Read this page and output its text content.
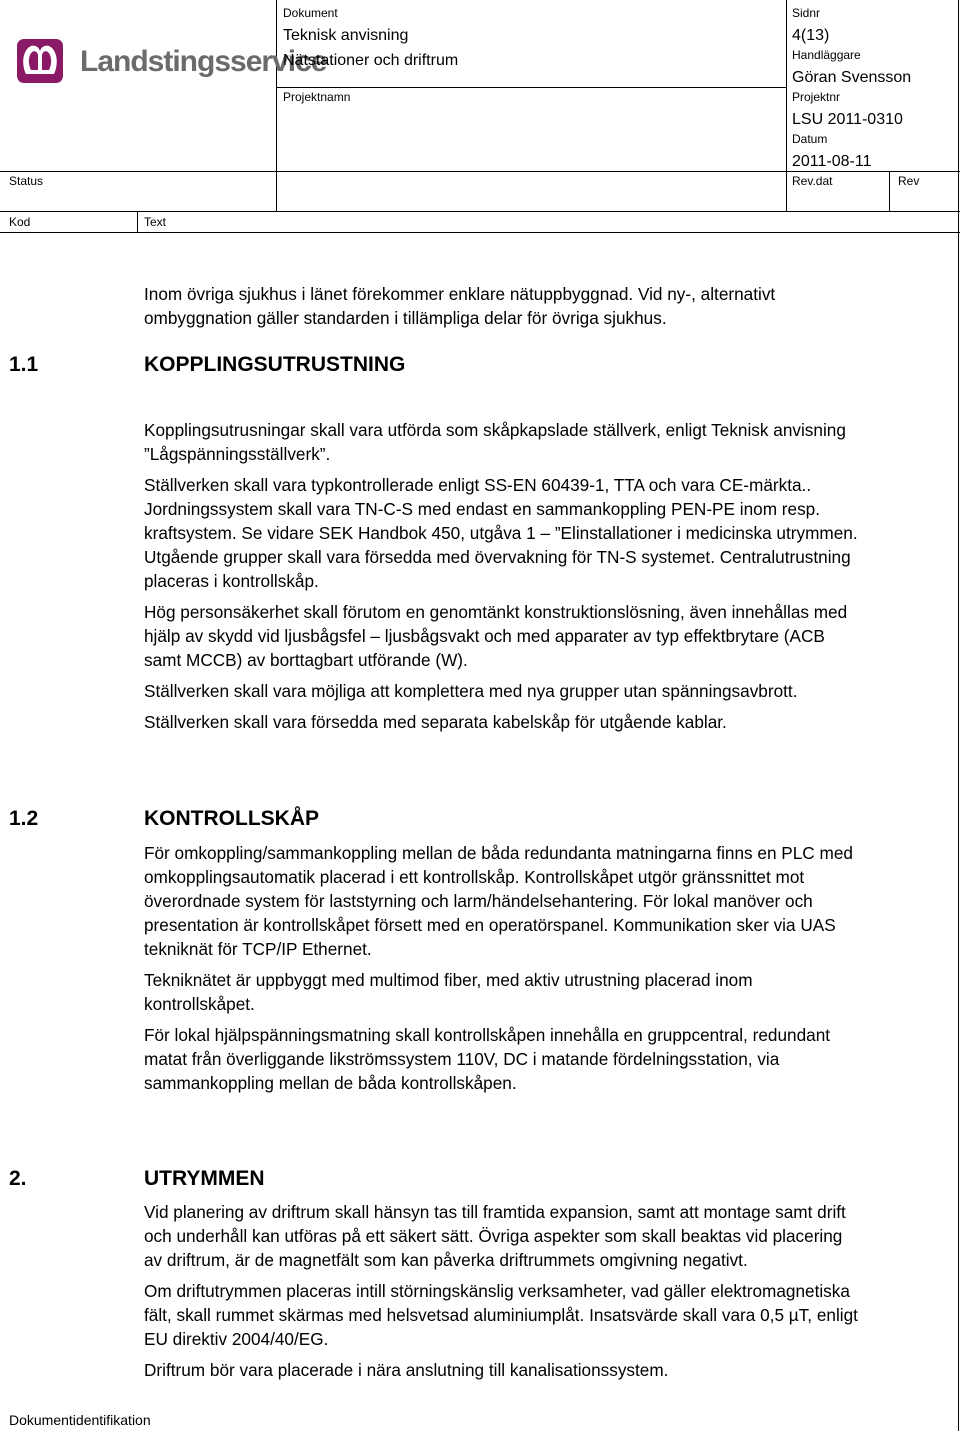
Landstingsservice
Dokument
Teknisk anvisning
Nätstationer och driftrum
Sidnr
4(13)
Handläggare
Göran Svensson
Projektnamn	Projektnr
LSU 2011-0310
Datum
2011-08-11
Status	Rev.dat	Rev
Kod	Text

Inom övriga sjukhus i länet förekommer enklare nätuppbyggnad. Vid ny-, alternativt ombyggnation gäller standarden i tillämpliga delar för övriga sjukhus.

1.1	KOPPLINGSUTRUSTNING

Kopplingsutrusningar skall vara utförda som skåpkapslade ställverk, enligt Teknisk anvisning ”Lågspänningsställverk”.

Ställverken skall vara typkontrollerade enligt SS-EN 60439-1, TTA och vara CE-märkta.. Jordningssystem skall vara TN-C-S med endast en sammankoppling PEN-PE inom resp. kraftsystem. Se vidare SEK Handbok 450, utgåva 1 – ”Elinstallationer i medicinska utrymmen. Utgående grupper skall vara försedda med övervakning för TN-S systemet. Centralutrustning placeras i kontrollskåp.

Hög personsäkerhet skall förutom en genomtänkt konstruktionslösning, även innehållas med hjälp av skydd vid ljusbågsfel – ljusbågsvakt och med apparater av typ effektbrytare (ACB samt MCCB) av borttagbart utförande (W).

Ställverken skall vara möjliga att komplettera med nya grupper utan spänningsavbrott.

Ställverken skall vara försedda med separata kabelskåp för utgående kablar.

1.2	KONTROLLSKÅP

För omkoppling/sammankoppling mellan de båda redundanta matningarna finns en PLC med omkopplingsautomatik placerad i ett kontrollskåp. Kontrollskåpet utgör gränssnittet mot överordnade system för laststyrning och larm/händelsehantering. För lokal manöver och presentation är kontrollskåpet försett med en operatörspanel. Kommunikation sker via UAS tekniknät för TCP/IP Ethernet.

Tekniknätet är uppbyggt med multimod fiber, med aktiv utrustning placerad inom kontrollskåpet.

För lokal hjälpspänningsmatning skall kontrollskåpen innehålla en gruppcentral, redundant matat från överliggande likströmssystem 110V, DC i matande fördelningsstation, via sammankoppling mellan de båda kontrollskåpen.

2.	UTRYMMEN

Vid planering av driftrum skall hänsyn tas till framtida expansion, samt att montage samt drift och underhåll kan utföras på ett säkert sätt. Övriga aspekter som skall beaktas vid placering av driftrum, är de magnetfält som kan påverka driftrummets omgivning negativt.

Om driftutrymmen placeras intill störningskänslig verksamheter, vad gäller elektromagnetiska fält, skall rummet skärmas med helsvetsad aluminiumplåt. Insatsvärde skall vara 0,5 µT, enligt EU direktiv 2004/40/EG.

Driftrum bör vara placerade i nära anslutning till kanalisationssystem.

Dokumentidentifikation
